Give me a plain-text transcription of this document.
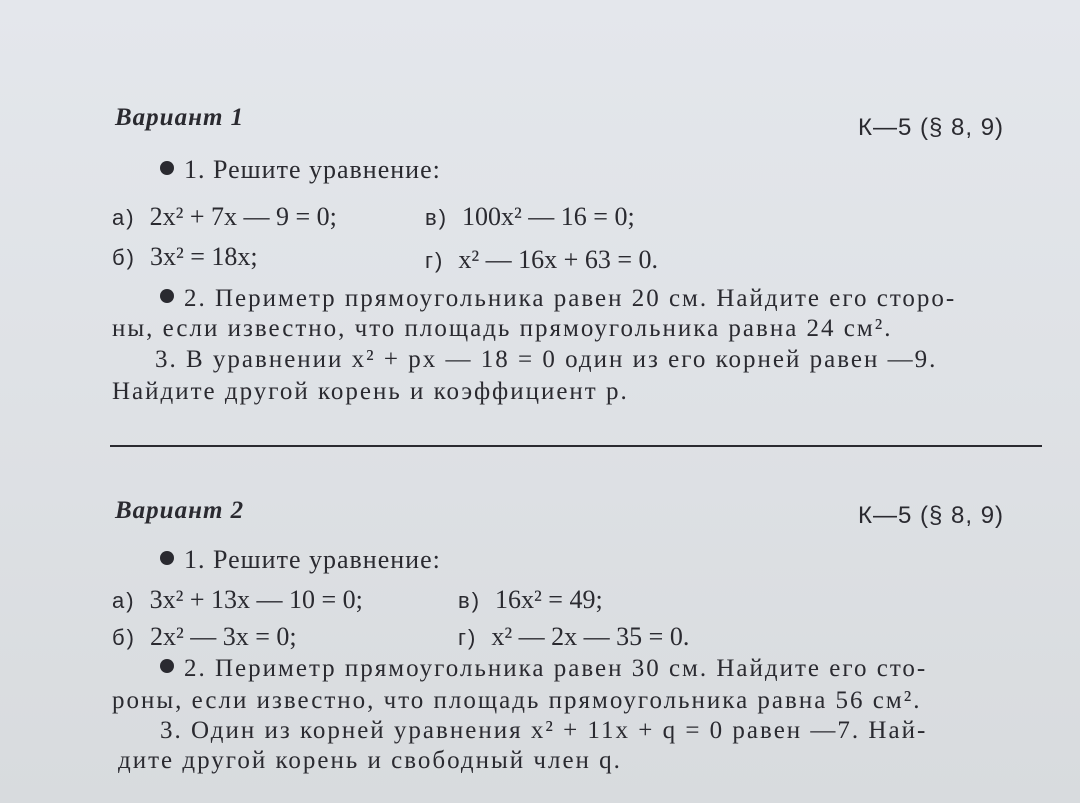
Вариант 1	К—5 (§ 8, 9)
1. Решите уравнение:
а) 2x² + 7x — 9 = 0;	в) 100x² — 16 = 0;
б) 3x² = 18x;	г) x² — 16x + 63 = 0.
2. Периметр прямоугольника равен 20 см. Найдите его сторо-
ны, если известно, что площадь прямоугольника равна 24 см².
3. В уравнении x² + px — 18 = 0 один из его корней равен —9.
Найдите другой корень и коэффициент p.
Вариант 2	К—5 (§ 8, 9)
1. Решите уравнение:
а) 3x² + 13x — 10 = 0;	в) 16x² = 49;
б) 2x² — 3x = 0;	г) x² — 2x — 35 = 0.
2. Периметр прямоугольника равен 30 см. Найдите его сто-
роны, если известно, что площадь прямоугольника равна 56 см².
3. Один из корней уравнения x² + 11x + q = 0 равен —7. Най-
дите другой корень и свободный член q.
